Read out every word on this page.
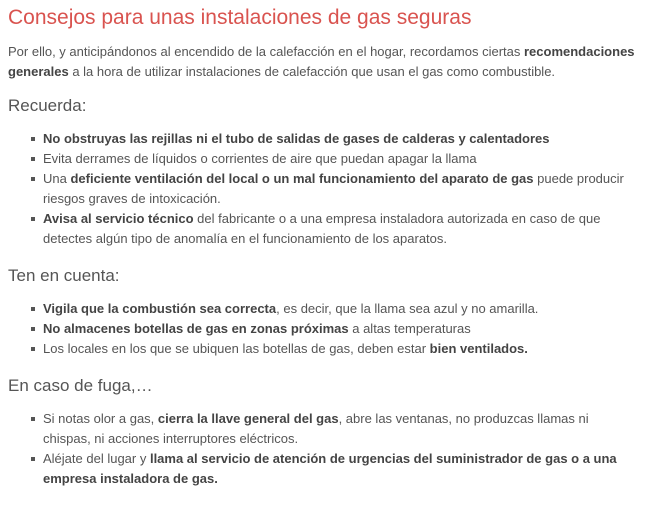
Consejos para unas instalaciones de gas seguras

Por ello, y anticipándonos al encendido de la calefacción en el hogar, recordamos ciertas recomendaciones generales a la hora de utilizar instalaciones de calefacción que usan el gas como combustible.

Recuerda:
No obstruyas las rejillas ni el tubo de salidas de gases de calderas y calentadores
Evita derrames de líquidos o corrientes de aire que puedan apagar la llama
Una deficiente ventilación del local o un mal funcionamiento del aparato de gas puede producir riesgos graves de intoxicación.
Avisa al servicio técnico del fabricante o a una empresa instaladora autorizada en caso de que detectes algún tipo de anomalía en el funcionamiento de los aparatos.
Ten en cuenta:
Vigila que la combustión sea correcta, es decir, que la llama sea azul y no amarilla.
No almacenes botellas de gas en zonas próximas a altas temperaturas
Los locales en los que se ubiquen las botellas de gas, deben estar bien ventilados.
En caso de fuga,…
Si notas olor a gas, cierra la llave general del gas, abre las ventanas, no produzcas llamas ni chispas, ni acciones interruptores eléctricos.
Aléjate del lugar y llama al servicio de atención de urgencias del suministrador de gas o a una empresa instaladora de gas.
